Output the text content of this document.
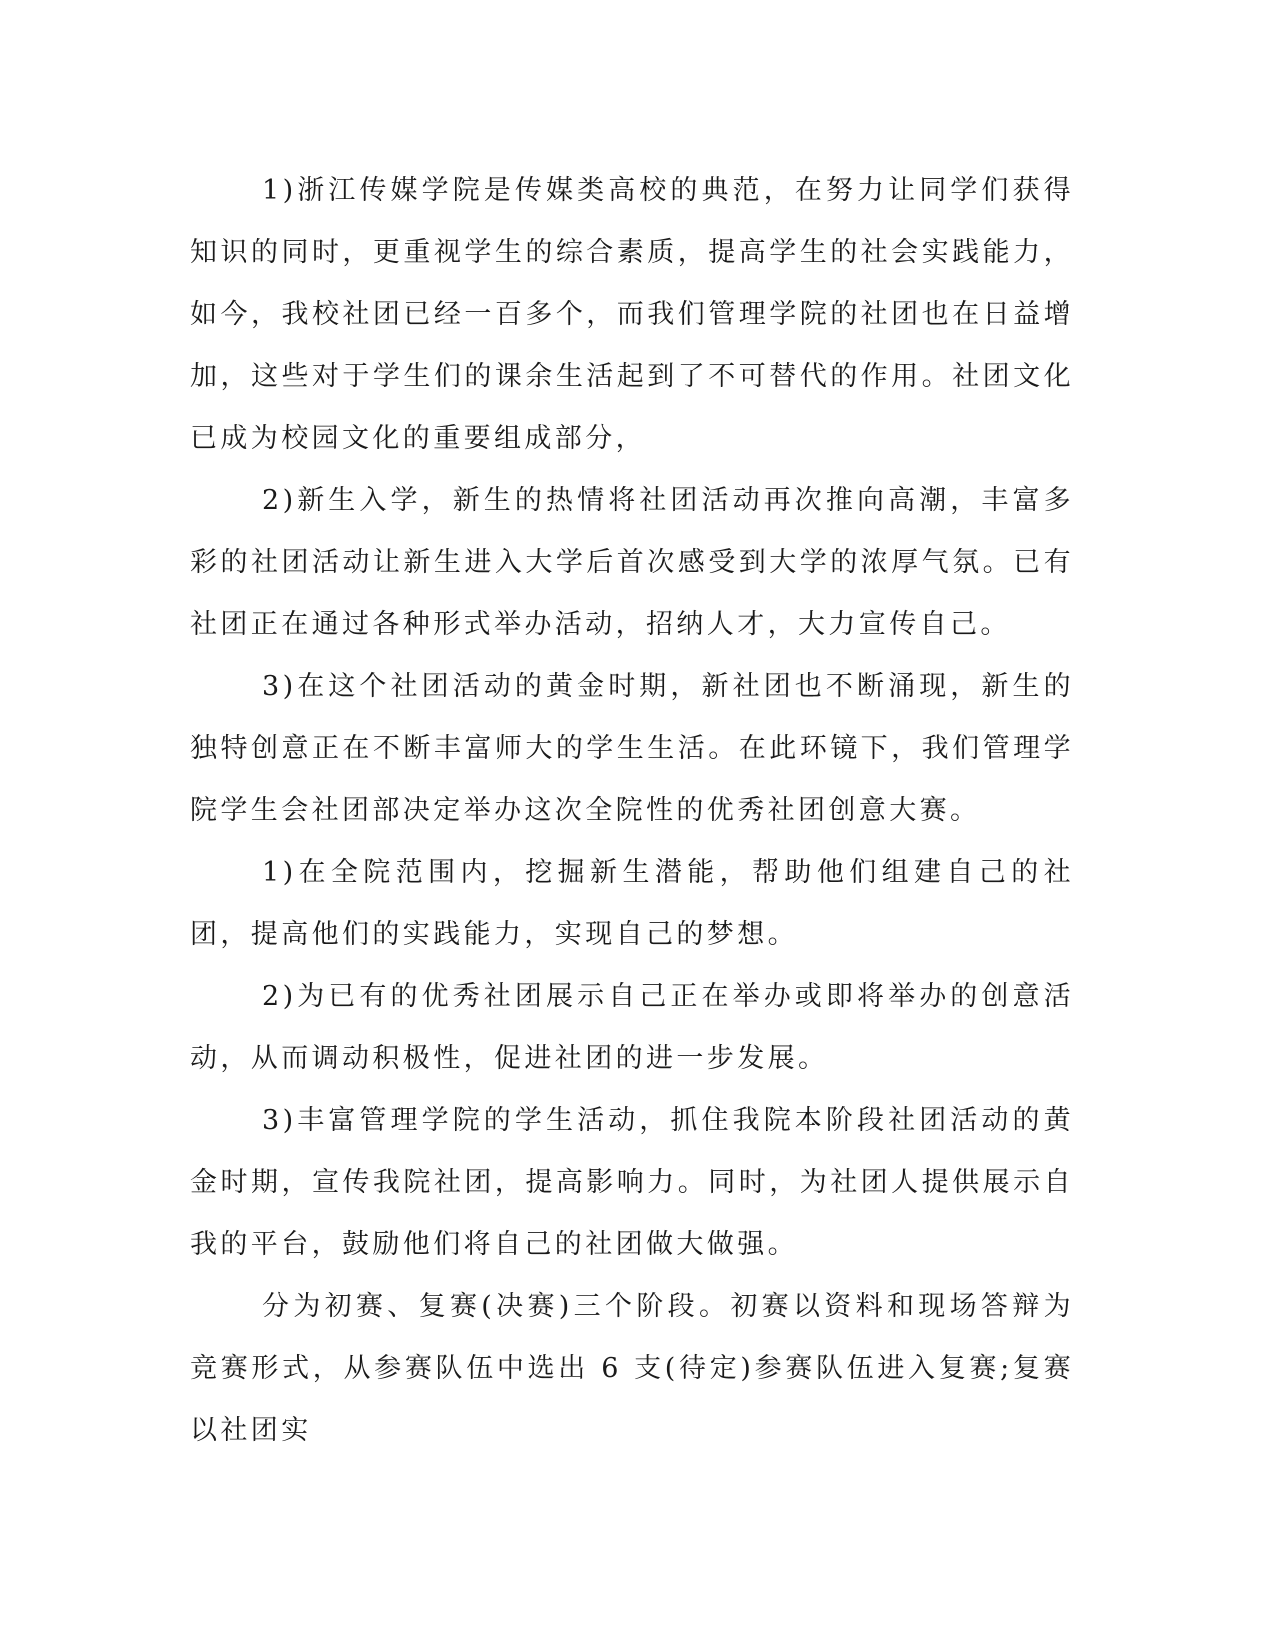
1)浙江传媒学院是传媒类高校的典范，在努力让同学们获得知识的同时，更重视学生的综合素质，提高学生的社会实践能力，如今，我校社团已经一百多个，而我们管理学院的社团也在日益增加，这些对于学生们的课余生活起到了不可替代的作用。社团文化已成为校园文化的重要组成部分，

2)新生入学，新生的热情将社团活动再次推向高潮，丰富多彩的社团活动让新生进入大学后首次感受到大学的浓厚气氛。已有社团正在通过各种形式举办活动，招纳人才，大力宣传自己。

3)在这个社团活动的黄金时期，新社团也不断涌现，新生的独特创意正在不断丰富师大的学生生活。在此环镜下，我们管理学院学生会社团部决定举办这次全院性的优秀社团创意大赛。

1)在全院范围内，挖掘新生潜能，帮助他们组建自己的社团，提高他们的实践能力，实现自己的梦想。

2)为已有的优秀社团展示自己正在举办或即将举办的创意活动，从而调动积极性，促进社团的进一步发展。

3)丰富管理学院的学生活动，抓住我院本阶段社团活动的黄金时期，宣传我院社团，提高影响力。同时，为社团人提供展示自我的平台，鼓励他们将自己的社团做大做强。

分为初赛、复赛(决赛)三个阶段。初赛以资料和现场答辩为竞赛形式，从参赛队伍中选出 6 支(待定)参赛队伍进入复赛;复赛以社团实
